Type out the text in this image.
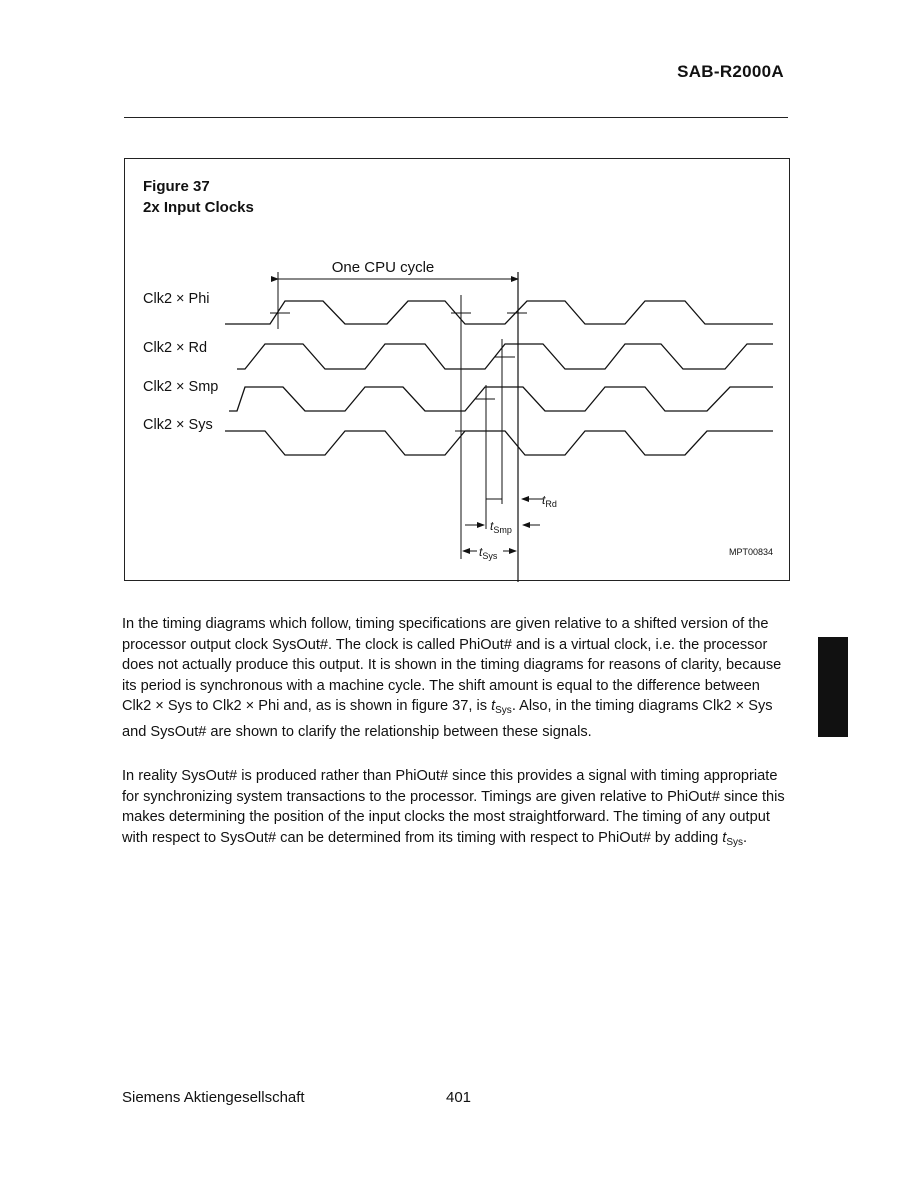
SAB-R2000A
Figure 37
2x Input Clocks
One CPU cycle
Clk2 × Phi
Clk2 × Rd
Clk2 × Smp
Clk2 × Sys
$t_{Rd}$
$t_{Smp}$
$t_{Sys}$	MPT00834
In the timing diagrams which follow, timing specifications are given relative to a shifted version of the processor output clock SysOut#. The clock is called PhiOut# and is a virtual clock, i.e. the processor does not actually produce this output. It is shown in the timing diagrams for reasons of clarity, because its period is synchronous with a machine cycle. The shift amount is equal to the difference between Clk2 × Sys to Clk2 × Phi and, as is shown in figure 37, is $t_{Sys}$. Also, in the timing diagrams Clk2 × Sys and SysOut# are shown to clarify the relationship between these signals.
In reality SysOut# is produced rather than PhiOut# since this provides a signal with timing appropriate for synchronizing system transactions to the processor. Timings are given relative to PhiOut# since this makes determining the position of the input clocks the most straightforward. The timing of any output with respect to SysOut# can be determined from its timing with respect to PhiOut# by adding $t_{Sys}$.
Siemens Aktiengesellschaft	401
